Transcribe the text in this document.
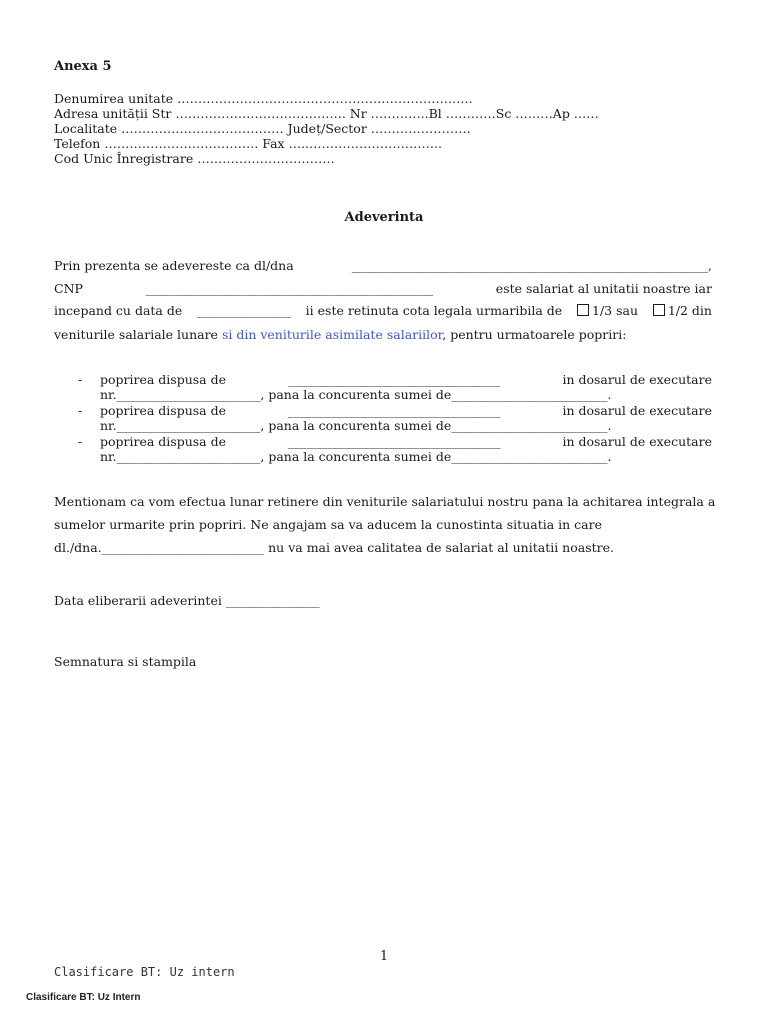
Anexa 5
Denumirea unitate ………………………………………………………….….
Adresa unității Str ……………………………….…. Nr …………..Bl …………Sc ………Ap ……
Localitate ………………………………… Județ/Sector ……………………
Telefon ………………………………. Fax …..…………………………..
Cod Unic Înregistrare ……………………………
Adeverinta
Prin prezenta se adevereste ca dl/dna	_________________________________________________________,
CNP	______________________________________________	este salariat al unitatii noastre iar
incepand cu data de _______________ ii este retinuta cota legala urmaribila de	1/3 sau	1/2 din
veniturile salariale lunare si din veniturile asimilate salariilor, pentru urmatoarele popriri:
- poprirea dispusa de	__________________________________	in dosarul de executare
nr._______________________, pana la concurenta sumei de_________________________.
- poprirea dispusa de	__________________________________	in dosarul de executare
nr._______________________, pana la concurenta sumei de_________________________.
- poprirea dispusa de	__________________________________	in dosarul de executare
nr._______________________, pana la concurenta sumei de_________________________.
Mentionam ca vom efectua lunar retinere din veniturile salariatului nostru pana la achitarea integrala a
sumelor urmarite prin popriri. Ne angajam sa va aducem la cunostinta situatia in care
dl./dna.__________________________ nu va mai avea calitatea de salariat al unitatii noastre.
Data eliberarii adeverintei _______________
Semnatura si stampila
1
Clasificare BT: Uz intern
Clasificare BT: Uz Intern
